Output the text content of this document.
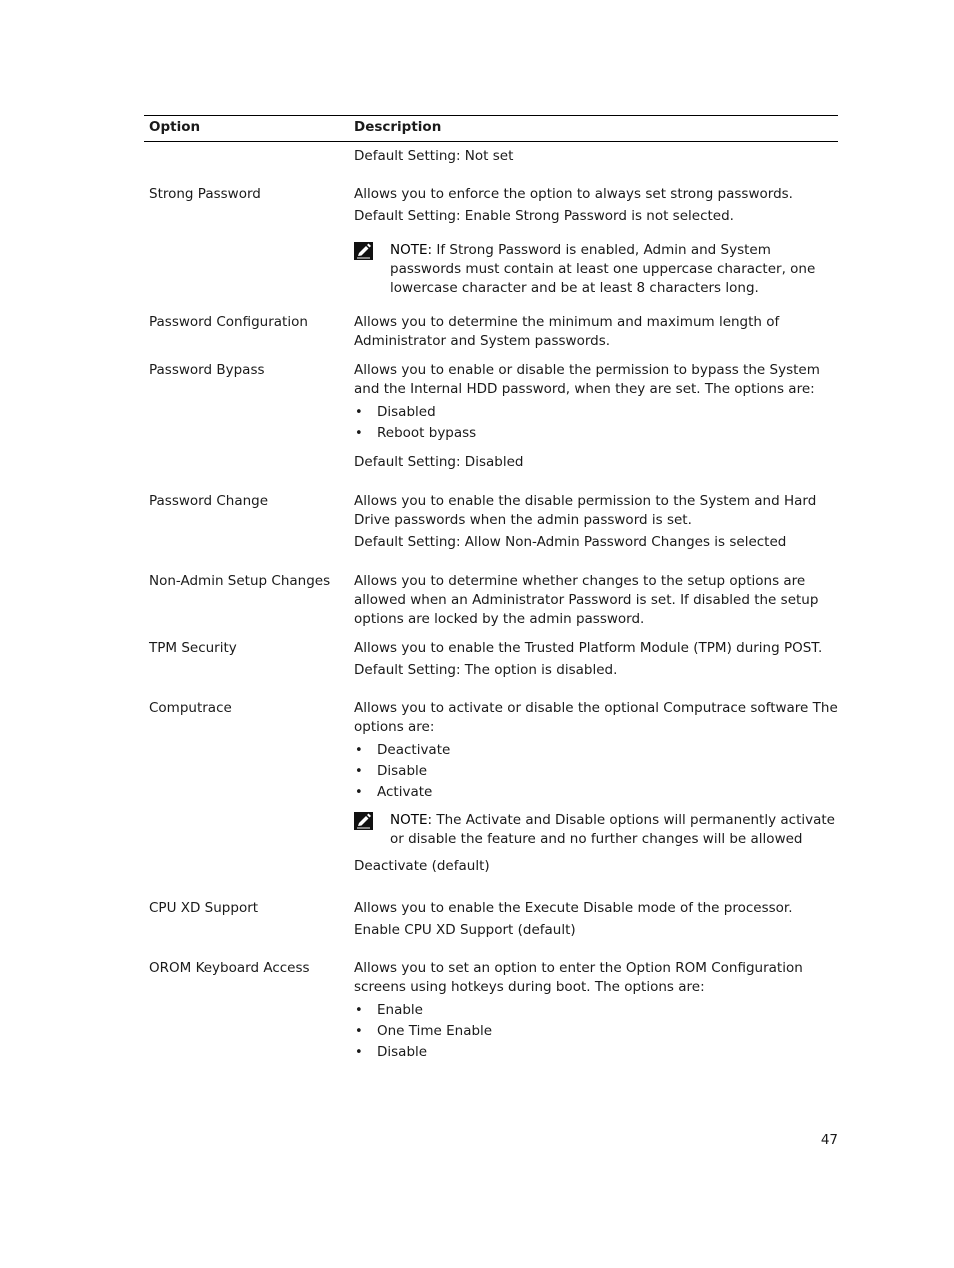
Option	Description

Default Setting: Not set

Strong Password	Allows you to enforce the option to always set strong passwords.

Default Setting: Enable Strong Password is not selected.

NOTE: If Strong Password is enabled, Admin and System passwords must contain at least one uppercase character, one lowercase character and be at least 8 characters long.
Password Configuration	Allows you to determine the minimum and maximum length of Administrator and System passwords.

Password Bypass	Allows you to enable or disable the permission to bypass the System and the Internal HDD password, when they are set. The options are:

• Disabled
• Reboot bypass

Default Setting: Disabled

Password Change	Allows you to enable the disable permission to the System and Hard Drive passwords when the admin password is set.

Default Setting: Allow Non-Admin Password Changes is selected

Non-Admin Setup Changes	Allows you to determine whether changes to the setup options are allowed when an Administrator Password is set. If disabled the setup options are locked by the admin password.

TPM Security	Allows you to enable the Trusted Platform Module (TPM) during POST.

Default Setting: The option is disabled.

Computrace	Allows you to activate or disable the optional Computrace software The options are:

• Deactivate
• Disable
• Activate
NOTE: The Activate and Disable options will permanently activate or disable the feature and no further changes will be allowed

Deactivate (default)

CPU XD Support	Allows you to enable the Execute Disable mode of the processor.

Enable CPU XD Support (default)

OROM Keyboard Access	Allows you to set an option to enter the Option ROM Configuration screens using hotkeys during boot. The options are:

• Enable
• One Time Enable
• Disable
47
